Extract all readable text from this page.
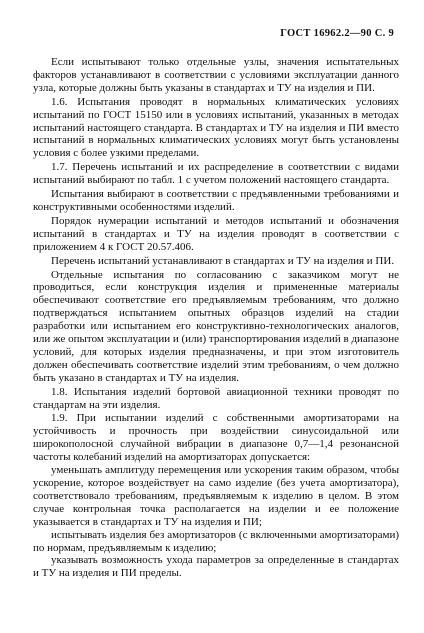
ГОСТ 16962.2—90 С. 9

Если испытывают только отдельные узлы, значения испытательных факторов устанавливают в соответствии с условиями эксплуатации данного узла, которые должны быть указаны в стандартах и ТУ на изделия и ПИ.

1.6. Испытания проводят в нормальных климатических условиях испытаний по ГОСТ 15150 или в условиях испытаний, указанных в методах испытаний настоящего стандарта. В стандартах и ТУ на изделия и ПИ вместо испытаний в нормальных климатических условиях могут быть установлены условия с более узкими пределами.

1.7. Перечень испытаний и их распределение в соответствии с видами испытаний выбирают по табл. 1 с учетом положений настоящего стандарта.

Испытания выбирают в соответствии с предъявленными требованиями и конструктивными особенностями изделий.

Порядок нумерации испытаний и методов испытаний и обозначения испытаний в стандартах и ТУ на изделия проводят в соответствии с приложением 4 к ГОСТ 20.57.406.

Перечень испытаний устанавливают в стандартах и ТУ на изделия и ПИ.

Отдельные испытания по согласованию с заказчиком могут не проводиться, если конструкция изделия и примененные материалы обеспечивают соответствие его предъявляемым требованиям, что должно подтверждаться испытанием опытных образцов изделий на стадии разработки или испытанием его конструктивно-технологических аналогов, или же опытом эксплуатации и (или) транспортирования изделий в диапазоне условий, для которых изделия предназначены, и при этом изготовитель должен обеспечивать соответствие изделий этим требованиям, о чем должно быть указано в стандартах и ТУ на изделия.

1.8. Испытания изделий бортовой авиационной техники проводят по стандартам на эти изделия.

1.9. При испытании изделий с собственными амортизаторами на устойчивость и прочность при воздействии синусоидальной или широкополосной случайной вибрации в диапазоне 0,7—1,4 резонансной частоты колебаний изделий на амортизаторах допускается:

уменьшать амплитуду перемещения или ускорения таким образом, чтобы ускорение, которое воздействует на само изделие (без учета амортизатора), соответствовало требованиям, предъявляемым к изделию в целом. В этом случае контрольная точка располагается на изделии и ее положение указывается в стандартах и ТУ на изделия и ПИ;

испытывать изделия без амортизаторов (с включенными амортизаторами) по нормам, предъявляемым к изделию;

указывать возможность ухода параметров за определенные в стандартах и ТУ на изделия и ПИ пределы.
